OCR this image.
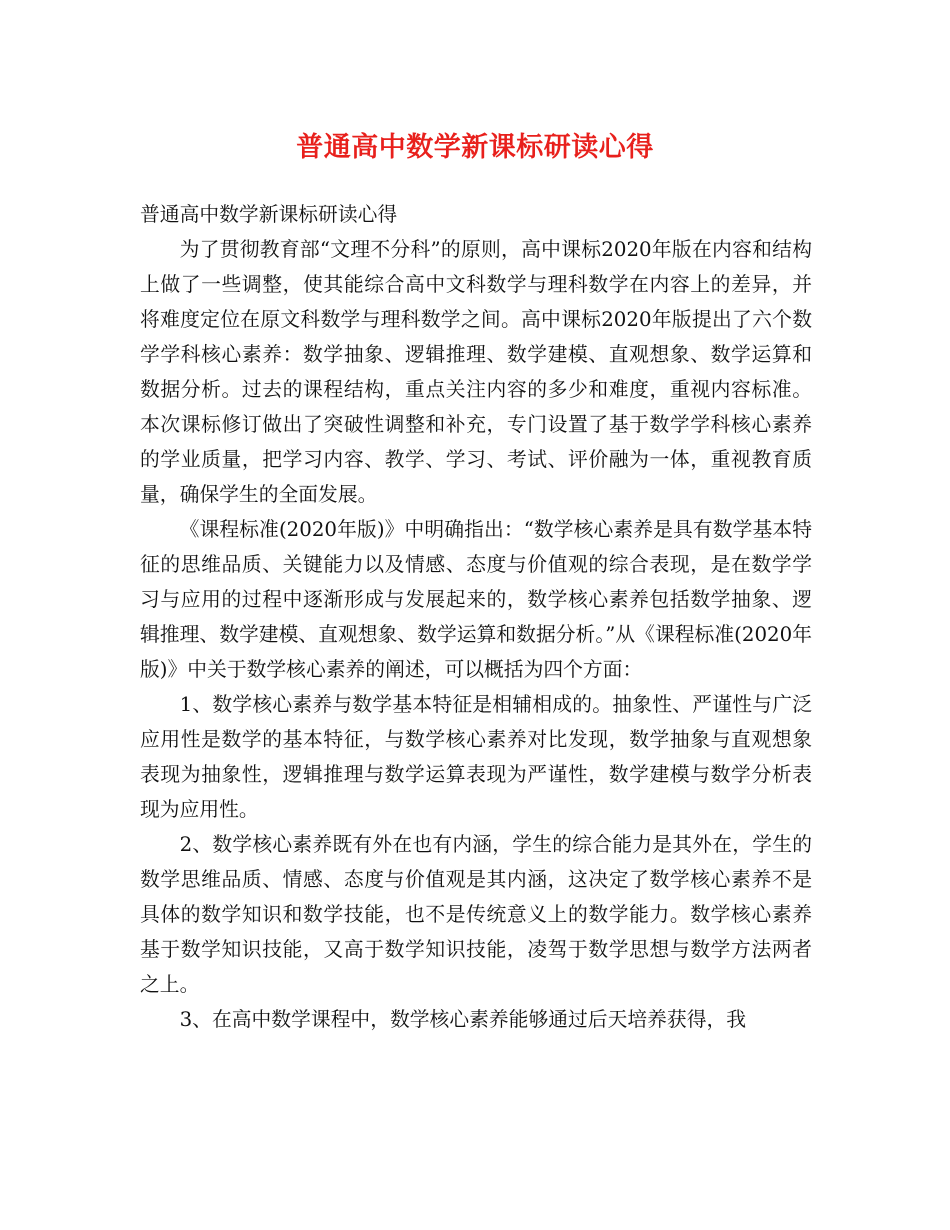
普通高中数学新课标研读心得

普通高中数学新课标研读心得

为了贯彻教育部“文理不分科”的原则，高中课标2020年版在内容和结构上做了一些调整，使其能综合高中文科数学与理科数学在内容上的差异，并将难度定位在原文科数学与理科数学之间。高中课标2020年版提出了六个数学学科核心素养：数学抽象、逻辑推理、数学建模、直观想象、数学运算和数据分析。过去的课程结构，重点关注内容的多少和难度，重视内容标准。本次课标修订做出了突破性调整和补充，专门设置了基于数学学科核心素养的学业质量，把学习内容、教学、学习、考试、评价融为一体，重视教育质量，确保学生的全面发展。

《课程标准(2020年版)》中明确指出：“数学核心素养是具有数学基本特征的思维品质、关键能力以及情感、态度与价值观的综合表现，是在数学学习与应用的过程中逐渐形成与发展起来的，数学核心素养包括数学抽象、逻辑推理、数学建模、直观想象、数学运算和数据分析。”从《课程标准(2020年版)》中关于数学核心素养的阐述，可以概括为四个方面：

1、数学核心素养与数学基本特征是相辅相成的。抽象性、严谨性与广泛应用性是数学的基本特征，与数学核心素养对比发现，数学抽象与直观想象表现为抽象性，逻辑推理与数学运算表现为严谨性，数学建模与数学分析表现为应用性。

2、数学核心素养既有外在也有内涵，学生的综合能力是其外在，学生的数学思维品质、情感、态度与价值观是其内涵，这决定了数学核心素养不是具体的数学知识和数学技能，也不是传统意义上的数学能力。数学核心素养基于数学知识技能，又高于数学知识技能，凌驾于数学思想与数学方法两者之上。

3、在高中数学课程中，数学核心素养能够通过后天培养获得，我
